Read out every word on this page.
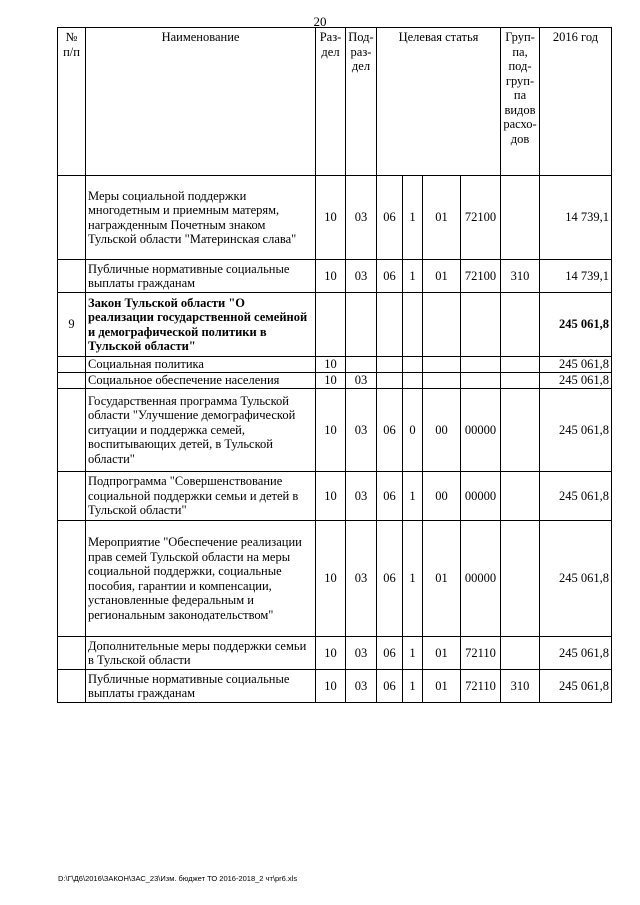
20
№ п/п	Наименование	Раз-дел	Под-раз-дел	Целевая статья				Груп-па, под-груп-па видов расхо-дов	2016 год
	Меры социальной поддержки многодетным и приемным матерям, награжденным Почетным знаком Тульской области "Материнская слава"	10	03	06	1	01	72100		14 739,1
	Публичные нормативные социальные выплаты гражданам	10	03	06	1	01	72100	310	14 739,1
9	Закон Тульской области "О реализации государственной семейной и демографической политики в Тульской области"								245 061,8
	Социальная политика	10							245 061,8
	Социальное обеспечение населения	10	03						245 061,8
	Государственная программа Тульской области "Улучшение демографической ситуации и поддержка семей, воспитывающих детей, в Тульской области"	10	03	06	0	00	00000		245 061,8
	Подпрограмма "Совершенствование социальной поддержки семьи и детей в Тульской области"	10	03	06	1	00	00000		245 061,8
	Мероприятие "Обеспечение реализации прав семей Тульской области на меры социальной поддержки, социальные пособия, гарантии и компенсации, установленные федеральным и региональным законодательством"	10	03	06	1	01	00000		245 061,8
	Дополнительные меры поддержки семьи в Тульской области	10	03	06	1	01	72110		245 061,8
	Публичные нормативные социальные выплаты гражданам	10	03	06	1	01	72110	310	245 061,8
D:\Г\Д6\2016\ЗАКОН\ЗАС_23\Изм. бюджет ТО 2016-2018_2 чт\pr6.xls
